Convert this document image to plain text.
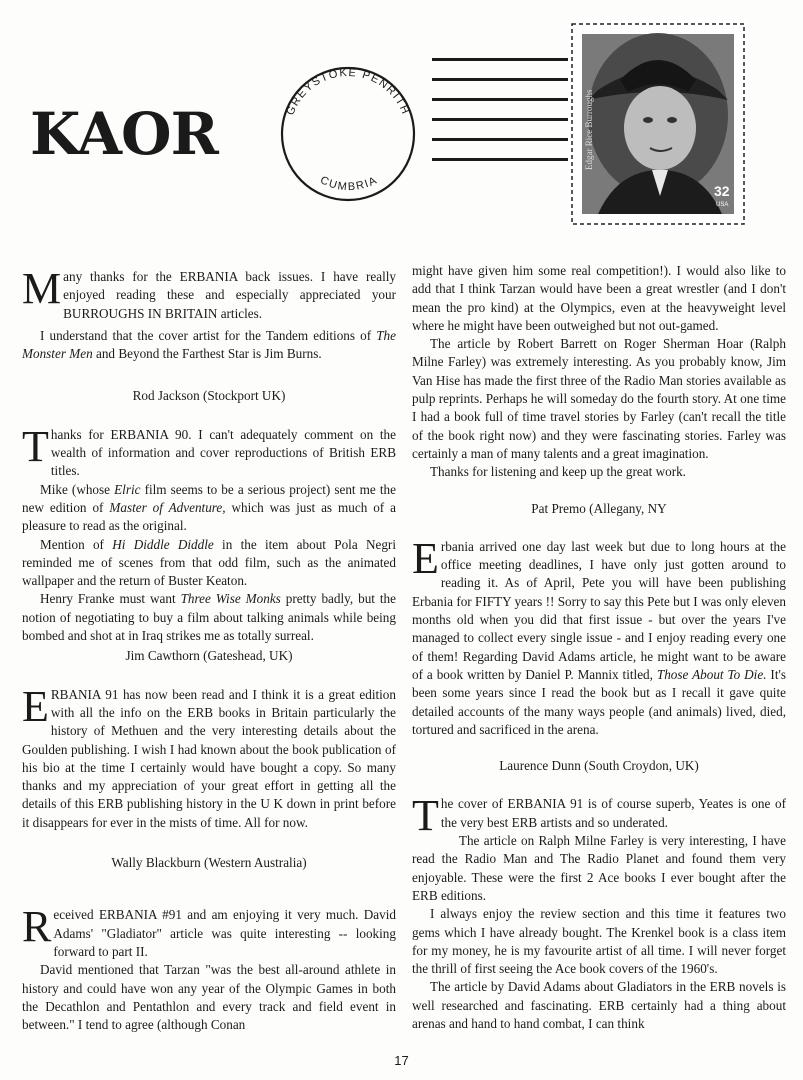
KAOR	GREYSTOKE PENRITH
CUMBRIA
Edgar Rice Burroughs
32
USA

Many thanks for the ERBANIA back issues. I have really enjoyed reading these and especially appreciated your BURROUGHS IN BRITAIN articles.

I understand that the cover artist for the Tandem editions of The Monster Men and Beyond the Farthest Star is Jim Burns.

Rod Jackson (Stockport UK)

Thanks for ERBANIA 90. I can't adequately comment on the wealth of information and cover reproductions of British ERB titles.

Mike (whose Elric film seems to be a serious project) sent me the new edition of Master of Adventure, which was just as much of a pleasure to read as the original.

Mention of Hi Diddle Diddle in the item about Pola Negri reminded me of scenes from that odd film, such as the animated wallpaper and the return of Buster Keaton.

Henry Franke must want Three Wise Monks pretty badly, but the notion of negotiating to buy a film about talking animals while being bombed and shot at in Iraq strikes me as totally surreal.

Jim Cawthorn (Gateshead, UK)

ERBANIA 91 has now been read and I think it is a great edition with all the info on the ERB books in Britain particularly the history of Methuen and the very interesting details about the Goulden publishing. I wish I had known about the book publication of his bio at the time I certainly would have bought a copy. So many thanks and my appreciation of your great effort in getting all the details of this ERB publishing history in the U K down in print before it disappears for ever in the mists of time. All for now.

Wally Blackburn (Western Australia)

Received ERBANIA #91 and am enjoying it very much. David Adams' "Gladiator" article was quite interesting -- looking forward to part II.

David mentioned that Tarzan "was the best all-around athlete in history and could have won any year of the Olympic Games in both the Decathlon and Pentathlon and every track and field event in between." I tend to agree (although Conan

might have given him some real competition!). I would also like to add that I think Tarzan would have been a great wrestler (and I don't mean the pro kind) at the Olympics, even at the heavyweight level where he might have been outweighed but not out-gamed.

The article by Robert Barrett on Roger Sherman Hoar (Ralph Milne Farley) was extremely interesting. As you probably know, Jim Van Hise has made the first three of the Radio Man stories available as pulp reprints. Perhaps he will someday do the fourth story. At one time I had a book full of time travel stories by Farley (can't recall the title of the book right now) and they were fascinating stories. Farley was certainly a man of many talents and a great imagination.

Thanks for listening and keep up the great work.

Pat Premo (Allegany, NY

Erbania arrived one day last week but due to long hours at the office meeting deadlines, I have only just gotten around to reading it. As of April, Pete you will have been publishing Erbania for FIFTY years !! Sorry to say this Pete but I was only eleven months old when you did that first issue - but over the years I've managed to collect every single issue - and I enjoy reading every one of them! Regarding David Adams article, he might want to be aware of a book written by Daniel P. Mannix titled, Those About To Die. It's been some years since I read the book but as I recall it gave quite detailed accounts of the many ways people (and animals) lived, died, tortured and sacrificed in the arena.

Laurence Dunn (South Croydon, UK)

The cover of ERBANIA 91 is of course superb, Yeates is one of the very best ERB artists and so underated.

The article on Ralph Milne Farley is very interesting, I have read the Radio Man and The Radio Planet and found them very enjoyable. These were the first 2 Ace books I ever bought after the ERB editions.

I always enjoy the review section and this time it features two gems which I have already bought. The Krenkel book is a class item for my money, he is my favourite artist of all time. I will never forget the thrill of first seeing the Ace book covers of the 1960's.

The article by David Adams about Gladiators in the ERB novels is well researched and fascinating. ERB certainly had a thing about arenas and hand to hand combat, I can think

17
